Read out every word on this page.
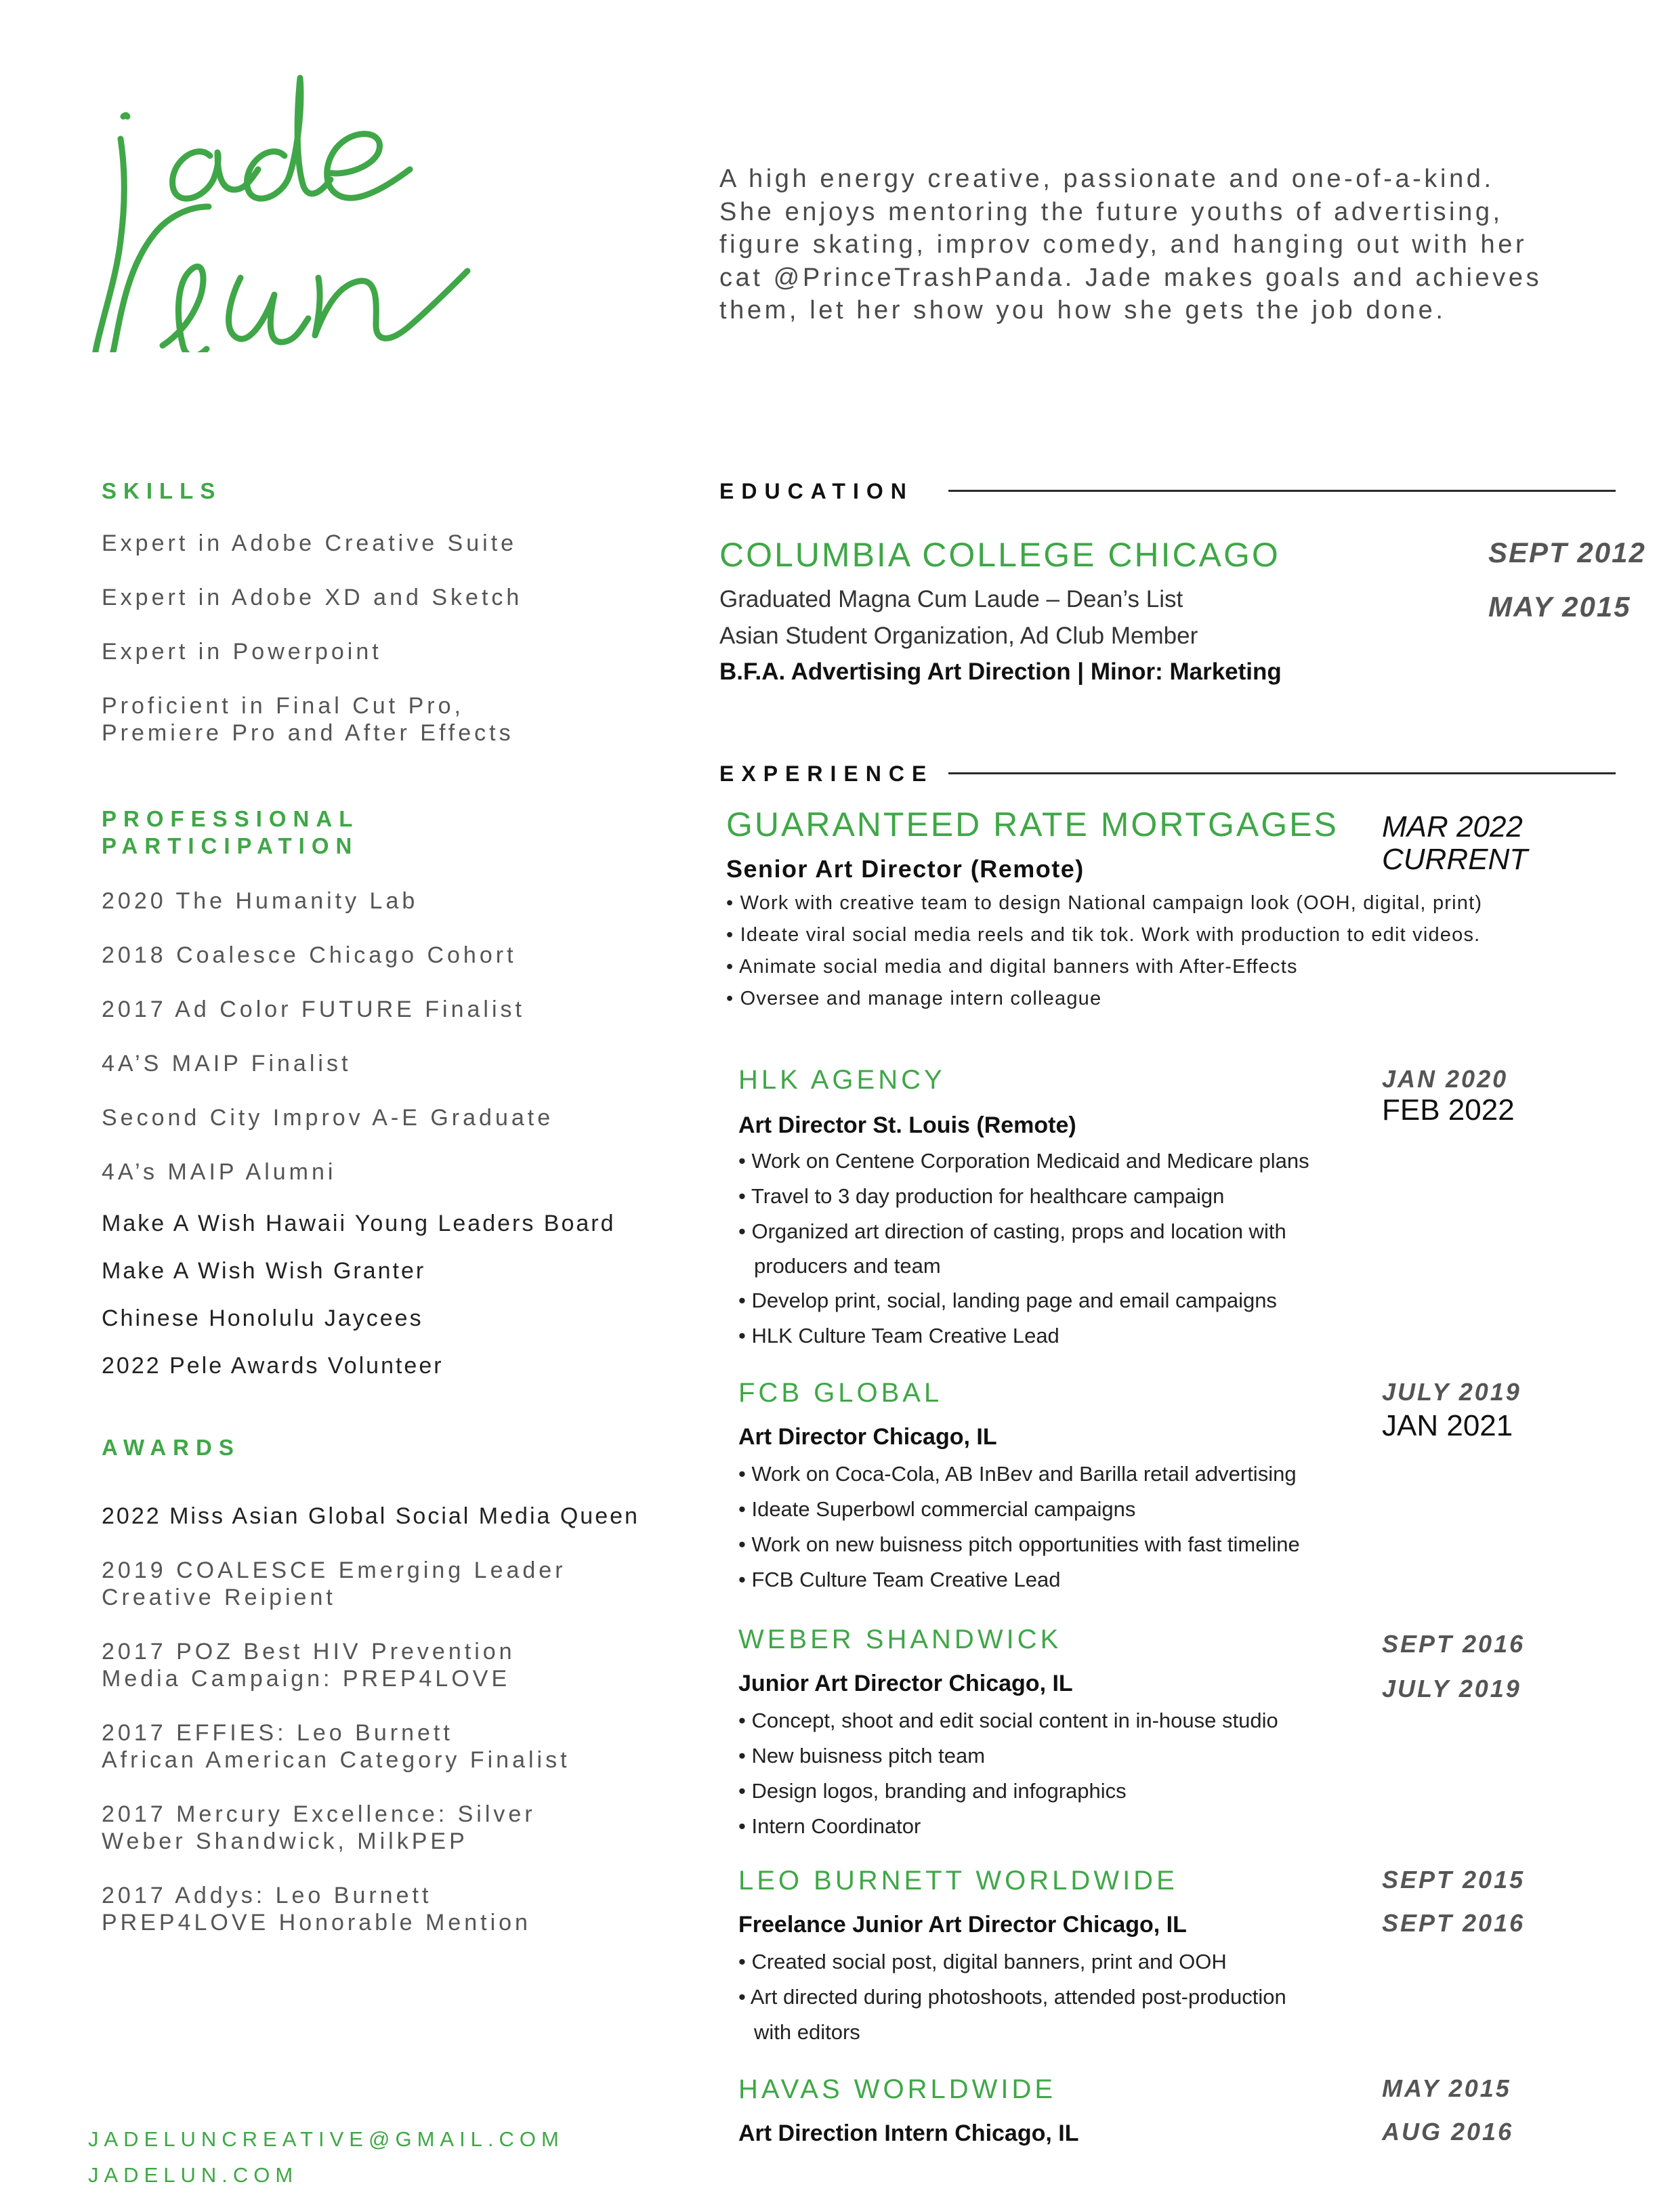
A high energy creative, passionate and one-of-a-kind.
She enjoys mentoring the future youths of advertising,
figure skating, improv comedy, and hanging out with her
cat @PrinceTrashPanda. Jade makes goals and achieves
them, let her show you how she gets the job done.
SKILLS
Expert in Adobe Creative Suite
Expert in Adobe XD and Sketch
Expert in Powerpoint
Proficient in Final Cut Pro,
Premiere Pro and After Effects
PROFESSIONAL
PARTICIPATION
2020 The Humanity Lab
2018 Coalesce Chicago Cohort
2017 Ad Color FUTURE Finalist
4A’S MAIP Finalist
Second City Improv A-E Graduate
4A’s MAIP Alumni
Make A Wish Hawaii Young Leaders Board
Make A Wish Wish Granter
Chinese Honolulu Jaycees
2022 Pele Awards Volunteer
AWARDS
2022 Miss Asian Global Social Media Queen
2019 COALESCE Emerging Leader
Creative Reipient
2017 POZ Best HIV Prevention
Media Campaign: PREP4LOVE
2017 EFFIES: Leo Burnett
African American Category Finalist
2017 Mercury Excellence: Silver
Weber Shandwick, MilkPEP
2017 Addys: Leo Burnett
PREP4LOVE Honorable Mention
JADELUNCREATIVE@GMAIL.COM
JADELUN.COM
EDUCATION
COLUMBIA COLLEGE CHICAGO	SEPT 2012
MAY 2015
Graduated Magna Cum Laude – Dean’s List
Asian Student Organization, Ad Club Member
B.F.A. Advertising Art Direction | Minor: Marketing
EXPERIENCE
GUARANTEED RATE MORTGAGES MAR 2022
CURRENT
Senior Art Director (Remote)
• Work with creative team to design National campaign look (OOH, digital, print)
• Ideate viral social media reels and tik tok. Work with production to edit videos.
• Animate social media and digital banners with After-Effects
• Oversee and manage intern colleague
HLK AGENCY	JAN 2020
FEB 2022
Art Director St. Louis (Remote)
• Work on Centene Corporation Medicaid and Medicare plans
• Travel to 3 day production for healthcare campaign
• Organized art direction of casting, props and location with
producers and team
• Develop print, social, landing page and email campaigns
• HLK Culture Team Creative Lead
FCB GLOBAL	JULY 2019
JAN 2021
Art Director Chicago, IL
• Work on Coca-Cola, AB InBev and Barilla retail advertising
• Ideate Superbowl commercial campaigns
• Work on new buisness pitch opportunities with fast timeline
• FCB Culture Team Creative Lead
WEBER SHANDWICK	SEPT 2016
JULY 2019
Junior Art Director Chicago, IL
• Concept, shoot and edit social content in in-house studio
• New buisness pitch team
• Design logos, branding and infographics
• Intern Coordinator
LEO BURNETT WORLDWIDE	SEPT 2015
SEPT 2016
Freelance Junior Art Director Chicago, IL
• Created social post, digital banners, print and OOH
• Art directed during photoshoots, attended post-production
with editors
HAVAS WORLDWIDE	MAY 2015
AUG 2016
Art Direction Intern Chicago, IL
